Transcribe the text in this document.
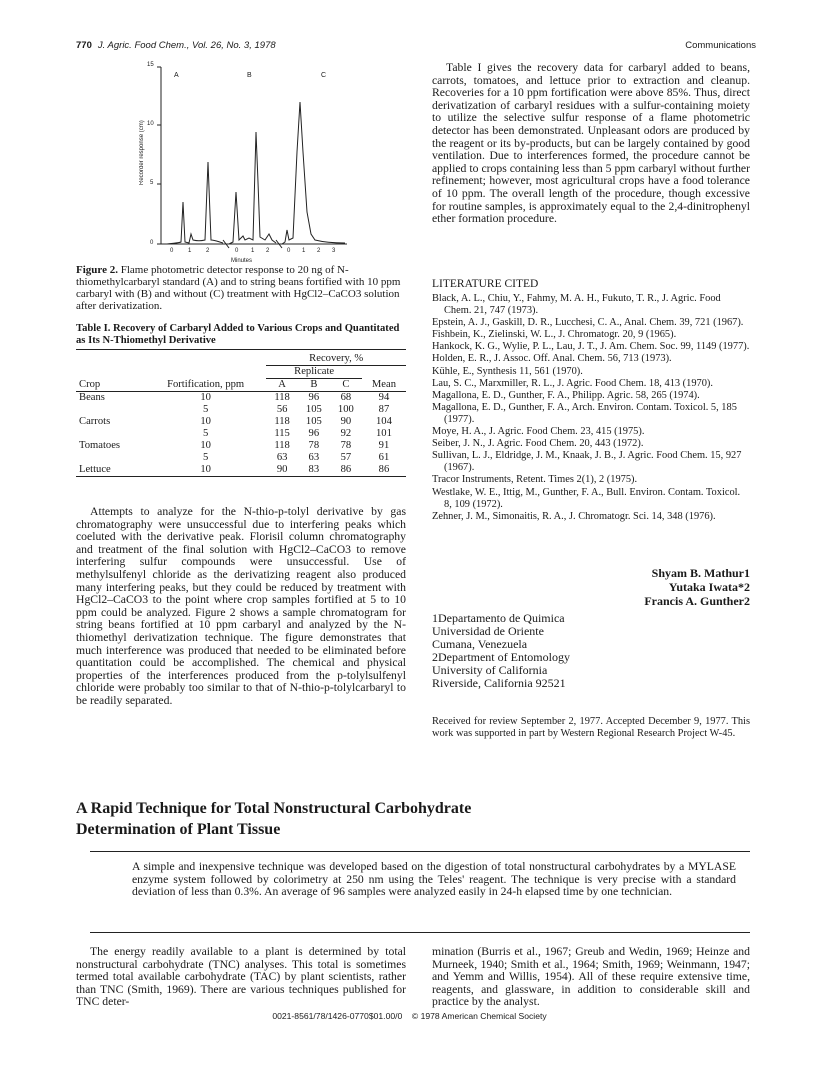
770 J. Agric. Food Chem., Vol. 26, No. 3, 1978	Communications
Recorder response (cm)
15
10
5
0
A	B	C
0 1 2	0 1 2	0 1 2 3
Minutes
Figure 2. Flame photometric detector response to 20 ng of N-thiomethylcarbaryl standard (A) and to string beans fortified with 10 ppm carbaryl with (B) and without (C) treatment with HgCl2–CaCO3 solution after derivatization.
Table I. Recovery of Carbaryl Added to Various Crops and Quantitated as Its N-Thiomethyl Derivative
		Recovery, %			
	Fortification, ppm	Replicate			
Crop		A	B	C	Mean
Beans	10	118	96	68	94
	5	56	105	100	87
Carrots	10	118	105	90	104
	5	115	96	92	101
Tomatoes	10	118	78	78	91
	5	63	63	57	61
Lettuce	10	90	83	86	86

Attempts to analyze for the N-thio-p-tolyl derivative by gas chromatography were unsuccessful due to interfering peaks which coeluted with the derivative peak. Florisil column chromatography and treatment of the final solution with HgCl2–CaCO3 to remove interfering sulfur compounds were unsuccessful. Use of methylsulfenyl chloride as the derivatizing reagent also produced many interfering peaks, but they could be reduced by treatment with HgCl2–CaCO3 to the point where crop samples fortified at 5 to 10 ppm could be analyzed. Figure 2 shows a sample chromatogram for string beans fortified at 10 ppm carbaryl and analyzed by the N-thiomethyl derivatization technique. The figure demonstrates that much interference was produced that needed to be eliminated before quantitation could be accomplished. The chemical and physical properties of the interferences produced from the p-tolylsulfenyl chloride were probably too similar to that of N-thio-p-tolylcarbaryl to be readily separated.

Table I gives the recovery data for carbaryl added to beans, carrots, tomatoes, and lettuce prior to extraction and cleanup. Recoveries for a 10 ppm fortification were above 85%. Thus, direct derivatization of carbaryl residues with a sulfur-containing moiety to utilize the selective sulfur response of a flame photometric detector has been demonstrated. Unpleasant odors are produced by the reagent or its by-products, but can be largely contained by good ventilation. Due to interferences formed, the procedure cannot be applied to crops containing less than 5 ppm carbaryl without further refinement; however, most agricultural crops have a food tolerance of 10 ppm. The overall length of the procedure, though excessive for routine samples, is approximately equal to the 2,4-dinitrophenyl ether formation procedure.

LITERATURE CITED
Black, A. L., Chiu, Y., Fahmy, M. A. H., Fukuto, T. R., J. Agric. Food Chem. 21, 747 (1973).
Epstein, A. J., Gaskill, D. R., Lucchesi, C. A., Anal. Chem. 39, 721 (1967).
Fishbein, K., Zielinski, W. L., J. Chromatogr. 20, 9 (1965).
Hankock, K. G., Wylie, P. L., Lau, J. T., J. Am. Chem. Soc. 99, 1149 (1977).
Holden, E. R., J. Assoc. Off. Anal. Chem. 56, 713 (1973).
Kühle, E., Synthesis 11, 561 (1970).
Lau, S. C., Marxmiller, R. L., J. Agric. Food Chem. 18, 413 (1970).
Magallona, E. D., Gunther, F. A., Philipp. Agric. 58, 265 (1974).
Magallona, E. D., Gunther, F. A., Arch. Environ. Contam. Toxicol. 5, 185 (1977).
Moye, H. A., J. Agric. Food Chem. 23, 415 (1975).
Seiber, J. N., J. Agric. Food Chem. 20, 443 (1972).
Sullivan, L. J., Eldridge, J. M., Knaak, J. B., J. Agric. Food Chem. 15, 927 (1967).
Tracor Instruments, Retent. Times 2(1), 2 (1975).
Westlake, W. E., Ittig, M., Gunther, F. A., Bull. Environ. Contam. Toxicol. 8, 109 (1972).
Zehner, J. M., Simonaitis, R. A., J. Chromatogr. Sci. 14, 348 (1976).
Shyam B. Mathur1
Yutaka Iwata*2
Francis A. Gunther2
1Departamento de Quimica
Universidad de Oriente
Cumana, Venezuela
2Department of Entomology
University of California
Riverside, California 92521
Received for review September 2, 1977. Accepted December 9, 1977. This work was supported in part by Western Regional Research Project W-45.
A Rapid Technique for Total Nonstructural Carbohydrate
Determination of Plant Tissue
A simple and inexpensive technique was developed based on the digestion of total nonstructural carbohydrates by a MYLASE enzyme system followed by colorimetry at 250 nm using the Teles' reagent. The technique is very precise with a standard deviation of less than 0.3%. An average of 96 samples were analyzed easily in 24-h elapsed time by one technician.

The energy readily available to a plant is determined by total nonstructural carbohydrate (TNC) analyses. This total is sometimes termed total available carbohydrate (TAC) by plant scientists, rather than TNC (Smith, 1969). There are various techniques published for TNC deter-

mination (Burris et al., 1967; Greub and Wedin, 1969; Heinze and Murneek, 1940; Smith et al., 1964; Smith, 1969; Weinmann, 1947; and Yemm and Willis, 1954). All of these require extensive time, reagents, and glassware, in addition to considerable skill and practice by the analyst.

0021-8561/78/1426-0770$01.00/0 © 1978 American Chemical Society
